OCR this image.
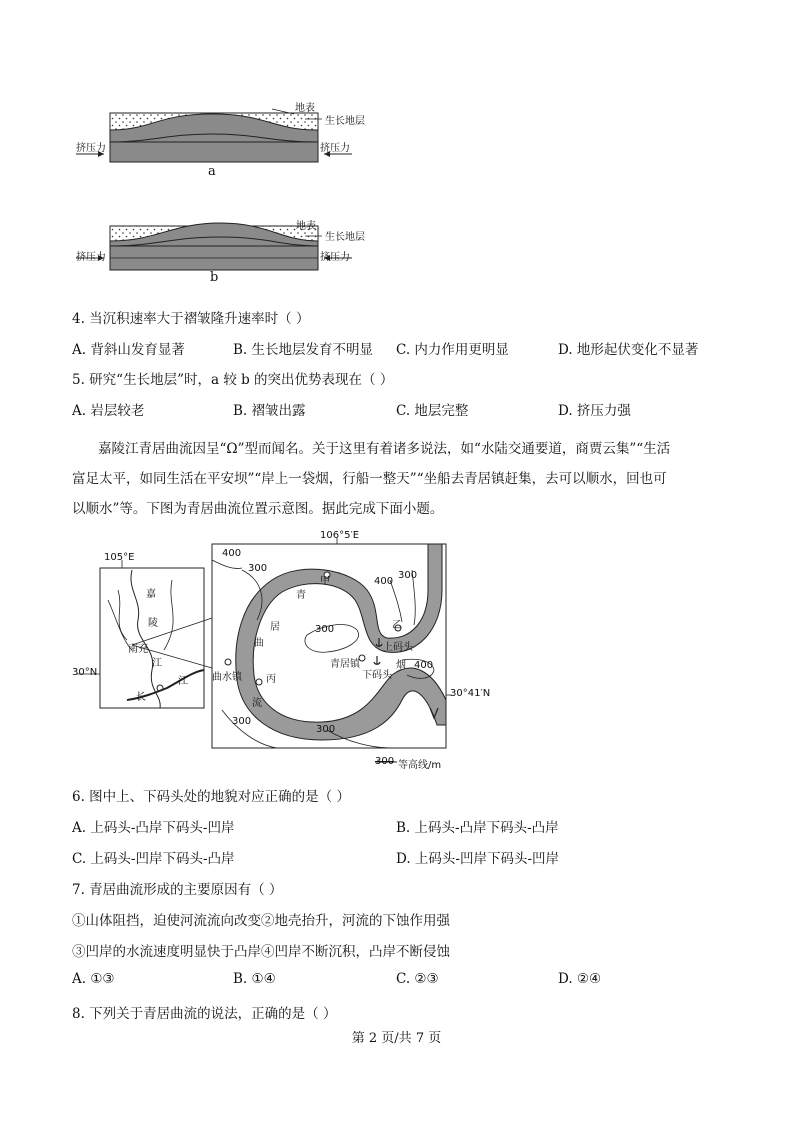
地表
生长地层
挤压力	挤压力
a
地表
生长地层
挤压力	挤压力
b
4. 当沉积速率大于褶皱隆升速率时（ ）
A. 背斜山发育显著	B. 生长地层发育不明显 C. 内力作用更明显	D. 地形起伏变化不显著
5. 研究“生长地层”时，a 较 b 的突出优势表现在（ ）
A. 岩层较老	B. 褶皱出露	C. 地层完整	D. 挤压力强
嘉陵江青居曲流因呈“Ω”型而闻名。关于这里有着诸多说法，如“水陆交通要道，商贾云集”“生活
富足太平，如同生活在平安坝”“岸上一袋烟，行船一整天”“坐船去青居镇赶集，去可以顺水，回也可
以顺水”等。下图为青居曲流位置示意图。据此完成下面小题。
105°E
30°N
106°5′E
30°41′N
南充
嘉
陵
江
长
江
青
居
曲
流
甲
乙
丙
曲水镇
青居镇
上码头
下码头
烟
400
300
300
400
300
400
300
300
300 等高线/m
6. 图中上、下码头处的地貌对应正确的是（ ）
A. 上码头-凸岸下码头-凹岸	B. 上码头-凸岸下码头-凸岸
C. 上码头-凹岸下码头-凸岸	D. 上码头-凹岸下码头-凹岸
7. 青居曲流形成的主要原因有（ ）
①山体阻挡，迫使河流流向改变②地壳抬升，河流的下蚀作用强
③凹岸的水流速度明显快于凸岸④凹岸不断沉积，凸岸不断侵蚀
A. ①③	B. ①④	C. ②③	D. ②④
8. 下列关于青居曲流的说法，正确的是（ ）
第 2 页/共 7 页
